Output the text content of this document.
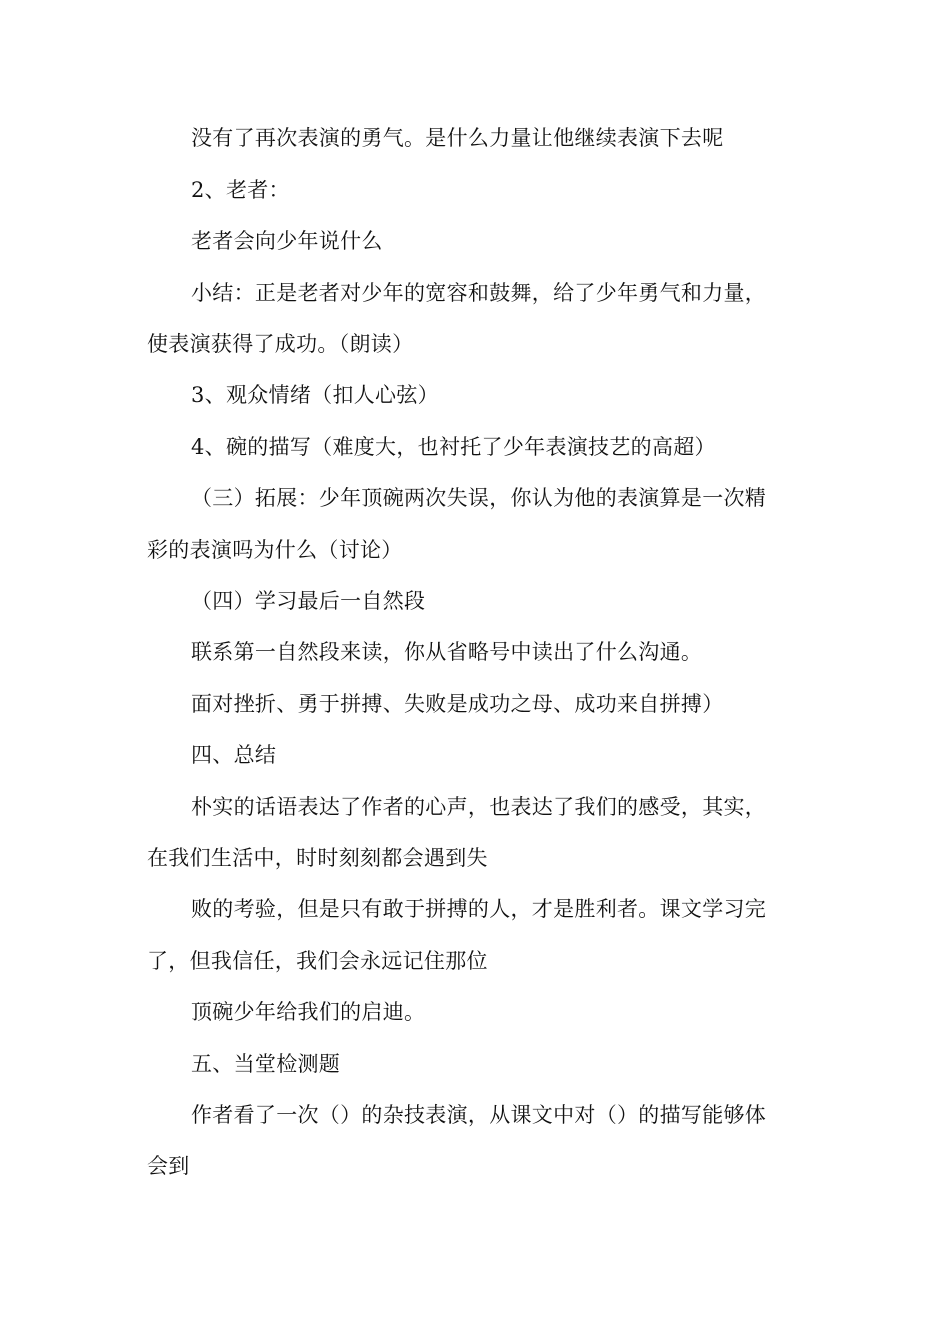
没有了再次表演的勇气。是什么力量让他继续表演下去呢
2、老者：
老者会向少年说什么
小结：正是老者对少年的宽容和鼓舞，给了少年勇气和力量，
使表演获得了成功。（朗读）
3、观众情绪（扣人心弦）
4、碗的描写（难度大，也衬托了少年表演技艺的高超）
（三）拓展：少年顶碗两次失误，你认为他的表演算是一次精
彩的表演吗为什么（讨论）
（四）学习最后一自然段
联系第一自然段来读，你从省略号中读出了什么沟通。
面对挫折、勇于拼搏、失败是成功之母、成功来自拼搏）
四、总结
朴实的话语表达了作者的心声，也表达了我们的感受，其实，
在我们生活中，时时刻刻都会遇到失
败的考验，但是只有敢于拼搏的人，才是胜利者。课文学习完
了，但我信任，我们会永远记住那位
顶碗少年给我们的启迪。
五、当堂检测题
作者看了一次（）的杂技表演，从课文中对（）的描写能够体
会到
